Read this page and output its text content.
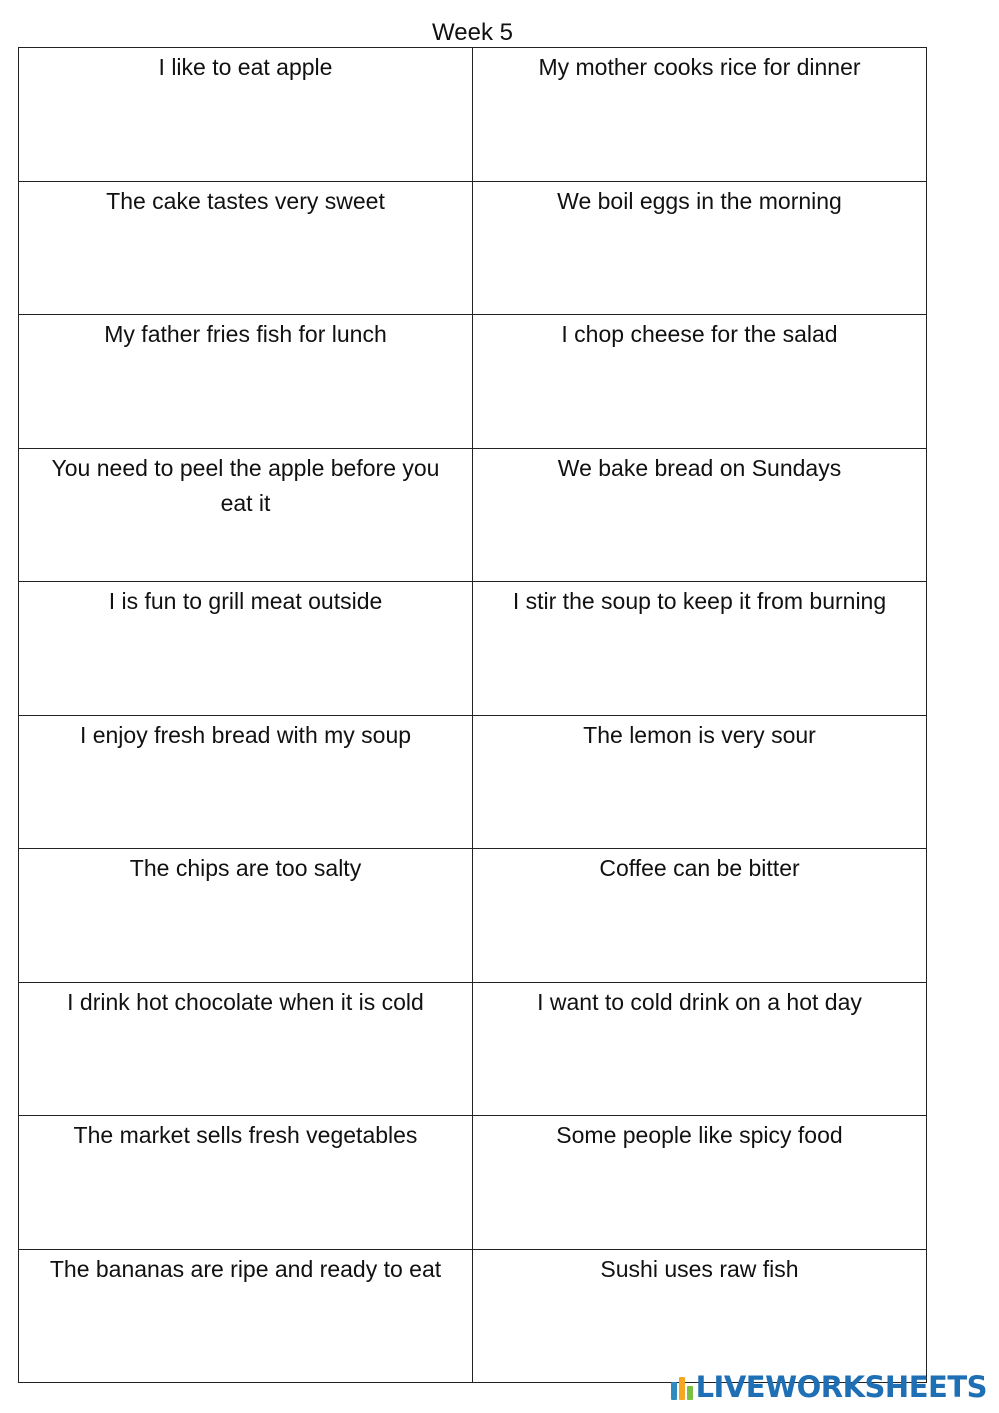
Week 5
I like to eat apple	My mother cooks rice for dinner
The cake tastes very sweet	We boil eggs in the morning
My father fries fish for lunch	I chop cheese for the salad
You need to peel the apple before you eat it	We bake bread on Sundays
I is fun to grill meat outside	I stir the soup to keep it from burning
I enjoy fresh bread with my soup	The lemon is very sour
The chips are too salty	Coffee can be bitter
I drink hot chocolate when it is cold	I want to cold drink on a hot day
The market sells fresh vegetables	Some people like spicy food
The bananas are ripe and ready to eat	Sushi uses raw fish
LIVEWORKSHEETS
